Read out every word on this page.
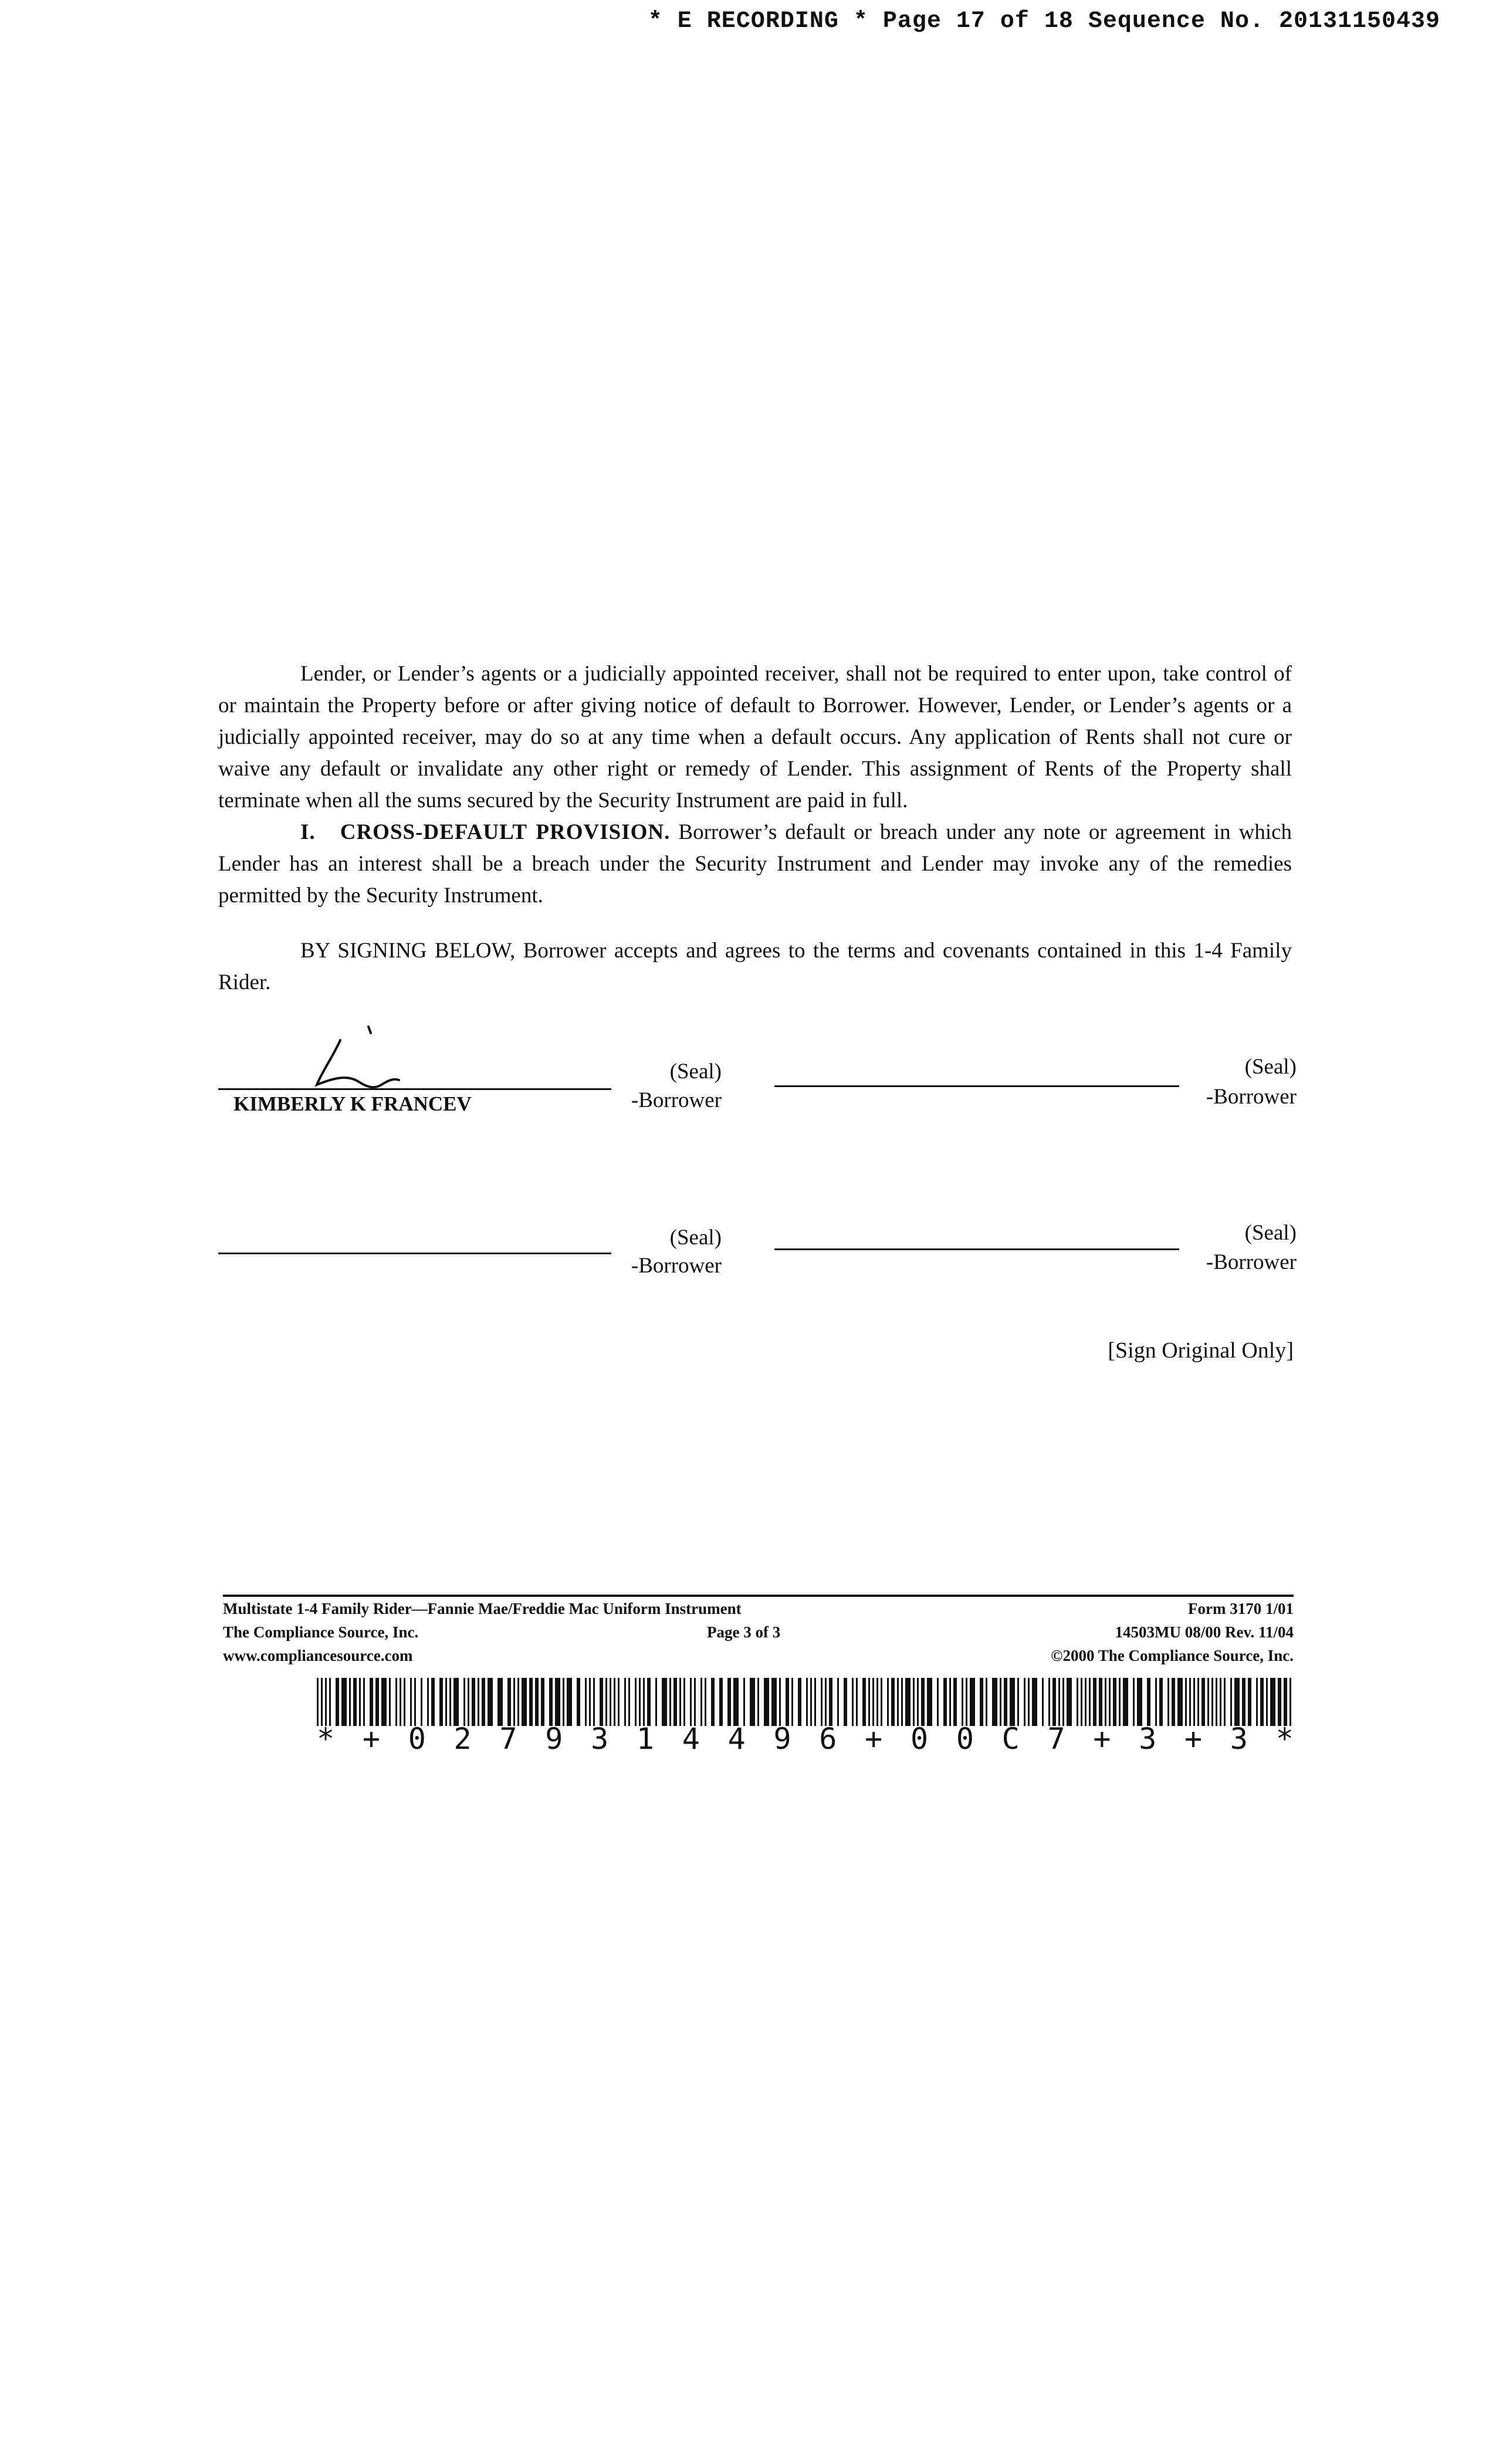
* E RECORDING * Page 17 of 18 Sequence No. 20131150439

Lender, or Lender’s agents or a judicially appointed receiver, shall not be required to enter upon, take control of or maintain the Property before or after giving notice of default to Borrower. However, Lender, or Lender’s agents or a judicially appointed receiver, may do so at any time when a default occurs. Any application of Rents shall not cure or waive any default or invalidate any other right or remedy of Lender. This assignment of Rents of the Property shall terminate when all the sums secured by the Security Instrument are paid in full.

I. CROSS-DEFAULT PROVISION. Borrower’s default or breach under any note or agreement in which Lender has an interest shall be a breach under the Security Instrument and Lender may invoke any of the remedies permitted by the Security Instrument.

BY SIGNING BELOW, Borrower accepts and agrees to the terms and covenants contained in this 1-4 Family Rider.

KIMBERLY K FRANCEV
(Seal)
-Borrower
(Seal)
-Borrower
(Seal)
-Borrower
(Seal)
-Borrower
[Sign Original Only]
Multistate 1-4 Family Rider—Fannie Mae/Freddie Mac Uniform Instrument
The Compliance Source, Inc.
www.compliancesource.com
Page 3 of 3
Form 3170 1/01
14503MU 08/00 Rev. 11/04
©2000 The Compliance Source, Inc.
* + 0 2 7 9 3 1 4 4 9 6 + 0 0 C 7 + 3 + 3 *
